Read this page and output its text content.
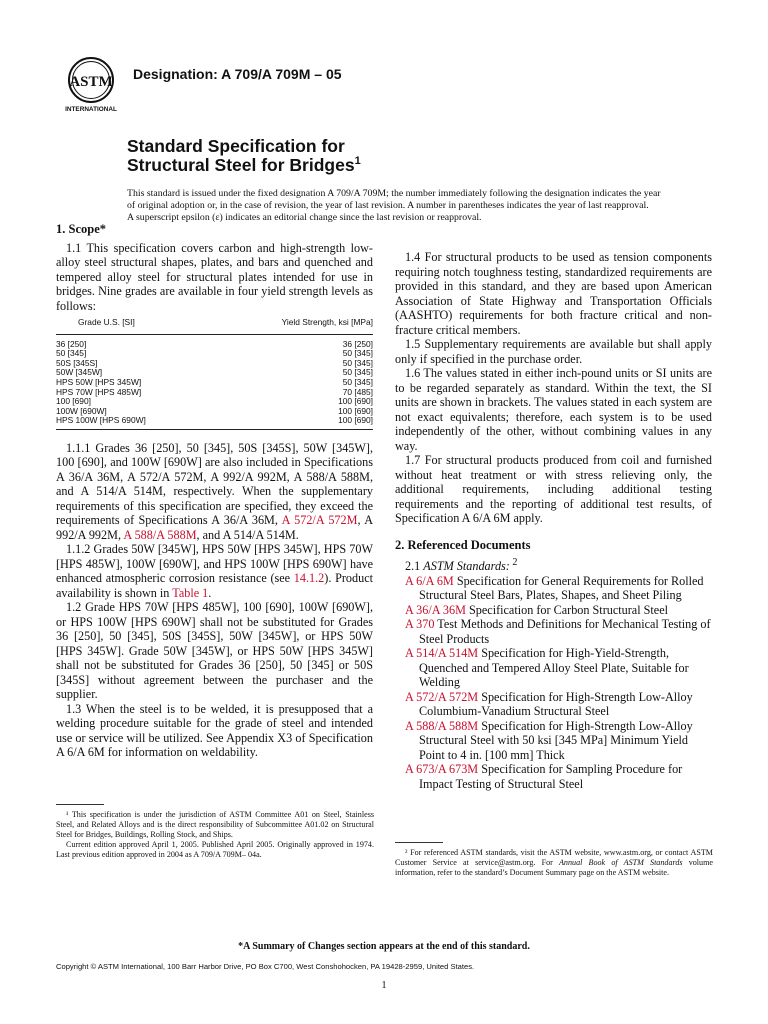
ASTM
INTERNATIONAL
Designation: A 709/A 709M – 05
Standard Specification for
Structural Steel for Bridges$^1$
This standard is issued under the fixed designation A 709/A 709M; the number immediately following the designation indicates the year
of original adoption or, in the case of revision, the year of last revision. A number in parentheses indicates the year of last reapproval.
A superscript epsilon (ε) indicates an editorial change since the last revision or reapproval.
1. Scope*

1.1 This specification covers carbon and high-strength low-alloy steel structural shapes, plates, and bars and quenched and tempered alloy steel for structural plates intended for use in bridges. Nine grades are available in four yield strength levels as follows:

Grade U.S. [SI]	Yield Strength, ksi [MPa]
36 [250]	36 [250]
50 [345]	50 [345]
50S [345S]	50 [345]
50W [345W]	50 [345]
HPS 50W [HPS 345W]	50 [345]
HPS 70W [HPS 485W]	70 [485]
100 [690]	100 [690]
100W [690W]	100 [690]
HPS 100W [HPS 690W]	100 [690]

1.1.1 Grades 36 [250], 50 [345], 50S [345S], 50W [345W], 100 [690], and 100W [690W] are also included in Specifications A 36/A 36M, A 572/A 572M, A 992/A 992M, A 588/A 588M, and A 514/A 514M, respectively. When the supplementary requirements of this specification are specified, they exceed the requirements of Specifications A 36/A 36M, A 572/A 572M, A 992/A 992M, A 588/A 588M, and A 514/A 514M.

1.1.2 Grades 50W [345W], HPS 50W [HPS 345W], HPS 70W [HPS 485W], 100W [690W], and HPS 100W [HPS 690W] have enhanced atmospheric corrosion resistance (see 14.1.2). Product availability is shown in Table 1.

1.2 Grade HPS 70W [HPS 485W], 100 [690], 100W [690W], or HPS 100W [HPS 690W] shall not be substituted for Grades 36 [250], 50 [345], 50S [345S], 50W [345W], or HPS 50W [HPS 345W]. Grade 50W [345W], or HPS 50W [HPS 345W] shall not be substituted for Grades 36 [250], 50 [345] or 50S [345S] without agreement between the purchaser and the supplier.

1.3 When the steel is to be welded, it is presupposed that a welding procedure suitable for the grade of steel and intended use or service will be utilized. See Appendix X3 of Specification A 6/A 6M for information on weldability.

1.4 For structural products to be used as tension components requiring notch toughness testing, standardized requirements are provided in this standard, and they are based upon American Association of State Highway and Transportation Officials (AASHTO) requirements for both fracture critical and non-fracture critical members.

1.5 Supplementary requirements are available but shall apply only if specified in the purchase order.

1.6 The values stated in either inch-pound units or SI units are to be regarded separately as standard. Within the text, the SI units are shown in brackets. The values stated in each system are not exact equivalents; therefore, each system is to be used independently of the other, without combining values in any way.

1.7 For structural products produced from coil and furnished without heat treatment or with stress relieving only, the additional requirements, including additional testing requirements and the reporting of additional test results, of Specification A 6/A 6M apply.

2. Referenced Documents

2.1 ASTM Standards: $^2$

A 6/A 6M Specification for General Requirements for Rolled Structural Steel Bars, Plates, Shapes, and Sheet Piling

A 36/A 36M Specification for Carbon Structural Steel

A 370 Test Methods and Definitions for Mechanical Testing of Steel Products

A 514/A 514M Specification for High-Yield-Strength, Quenched and Tempered Alloy Steel Plate, Suitable for Welding

A 572/A 572M Specification for High-Strength Low-Alloy Columbium-Vanadium Structural Steel

A 588/A 588M Specification for High-Strength Low-Alloy Structural Steel with 50 ksi [345 MPa] Minimum Yield Point to 4 in. [100 mm] Thick

A 673/A 673M Specification for Sampling Procedure for Impact Testing of Structural Steel

¹ This specification is under the jurisdiction of ASTM Committee A01 on Steel, Stainless Steel, and Related Alloys and is the direct responsibility of Subcommittee A01.02 on Structural Steel for Bridges, Buildings, Rolling Stock, and Ships.

Current edition approved April 1, 2005. Published April 2005. Originally approved in 1974. Last previous edition approved in 2004 as A 709/A 709M– 04a.	² For referenced ASTM standards, visit the ASTM website, www.astm.org, or contact ASTM Customer Service at service@astm.org. For Annual Book of ASTM Standards volume information, refer to the standard’s Document Summary page on the ASTM website.

*A Summary of Changes section appears at the end of this standard.
Copyright © ASTM International, 100 Barr Harbor Drive, PO Box C700, West Conshohocken, PA 19428-2959, United States.
1
